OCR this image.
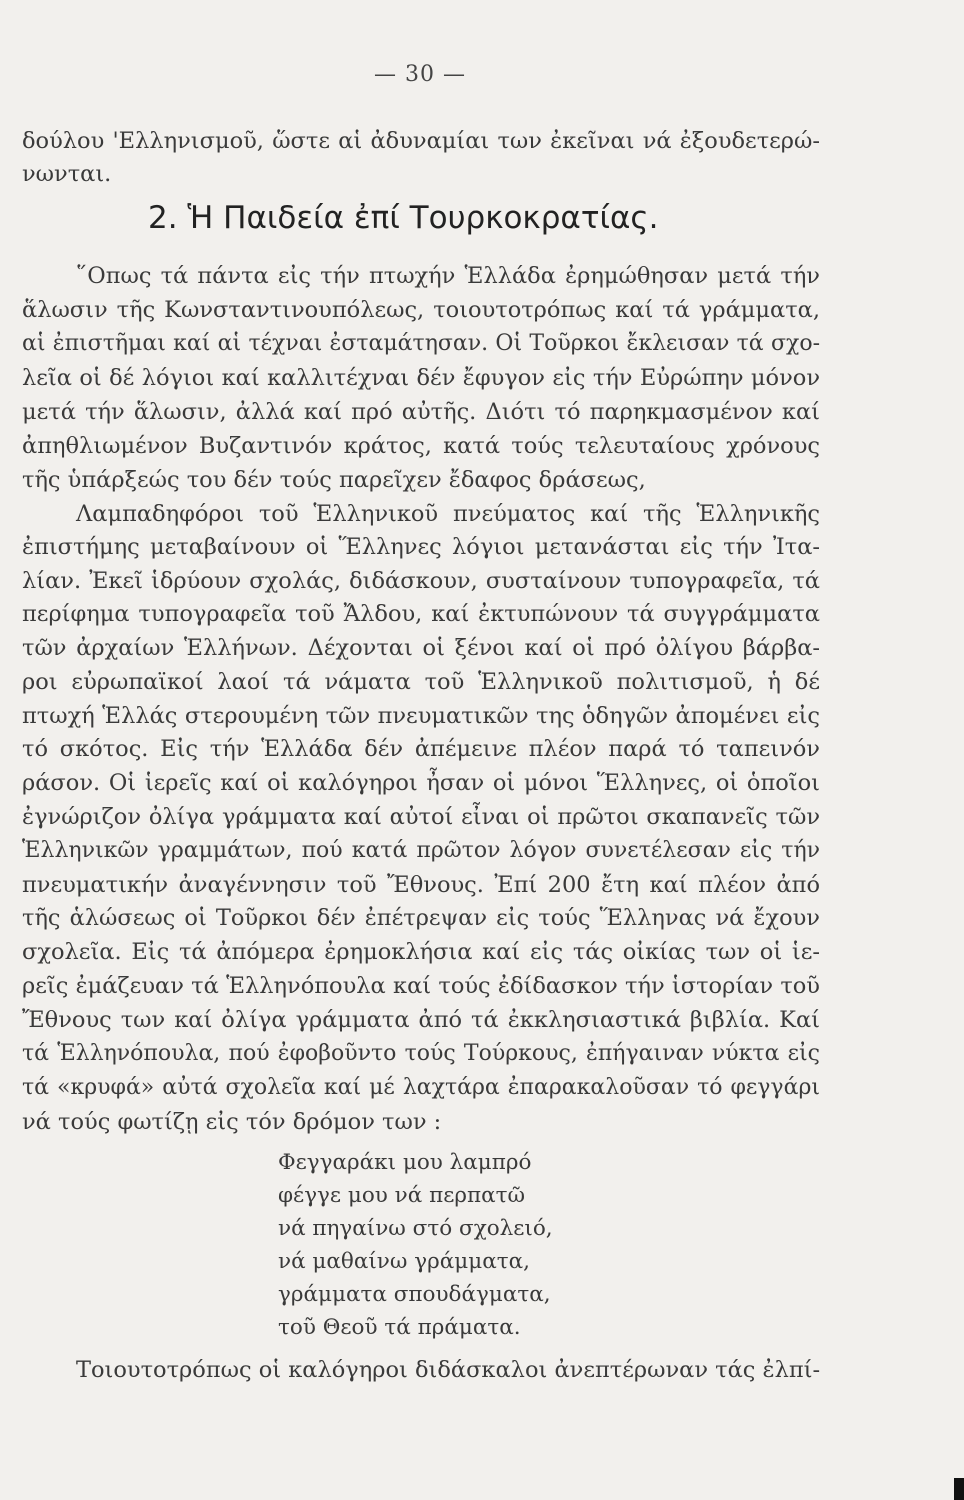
— 30 —
δούλου 'Ελληνισμοῦ, ὥστε αἱ ἀδυναμίαι των ἐκεῖναι νά ἐξουδετερώ-
νωνται.
2. Ἡ Παιδεία ἐπί Τουρκοκρατίας.
῞Οπως τά πάντα εἰς τήν πτωχήν Ἑλλάδα ἐρημώθησαν μετά τήν
ἅλωσιν τῆς Κωνσταντινουπόλεως, τοιουτοτρόπως καί τά γράμματα,
αἱ ἐπιστῆμαι καί αἱ τέχναι ἐσταμάτησαν. Οἱ Τοῦρκοι ἔκλεισαν τά σχο-
λεῖα οἱ δέ λόγιοι καί καλλιτέχναι δέν ἔφυγον εἰς τήν Εὐρώπην μόνον
μετά τήν ἅλωσιν, ἀλλά καί πρό αὐτῆς. Διότι τό παρηκμασμένον καί
ἀπηθλιωμένον Βυζαντινόν κράτος, κατά τούς τελευταίους χρόνους
τῆς ὑπάρξεώς του δέν τούς παρεῖχεν ἔδαφος δράσεως,
Λαμπαδηφόροι τοῦ Ἑλληνικοῦ πνεύματος καί τῆς Ἑλληνικῆς
ἐπιστήμης μεταβαίνουν οἱ Ἕλληνες λόγιοι μετανάσται εἰς τήν Ἰτα-
λίαν. Ἐκεῖ ἱδρύουν σχολάς, διδάσκουν, συσταίνουν τυπογραφεῖα, τά
περίφημα τυπογραφεῖα τοῦ Ἄλδου, καί ἐκτυπώνουν τά συγγράμματα
τῶν ἀρχαίων Ἑλλήνων. Δέχονται οἱ ξένοι καί οἱ πρό ὀλίγου βάρβα-
ροι εὐρωπαϊκοί λαοί τά νάματα τοῦ Ἑλληνικοῦ πολιτισμοῦ, ἡ δέ
πτωχή Ἑλλάς στερουμένη τῶν πνευματικῶν της ὁδηγῶν ἀπομένει εἰς
τό σκότος. Εἰς τήν Ἑλλάδα δέν ἀπέμεινε πλέον παρά τό ταπεινόν
ράσον. Οἱ ἱερεῖς καί οἱ καλόγηροι ἦσαν οἱ μόνοι Ἕλληνες, οἱ ὁποῖοι
ἐγνώριζον ὀλίγα γράμματα καί αὐτοί εἶναι οἱ πρῶτοι σκαπανεῖς τῶν
Ἑλληνικῶν γραμμάτων, πού κατά πρῶτον λόγον συνετέλεσαν εἰς τήν
πνευματικήν ἀναγέννησιν τοῦ Ἔθνους. Ἐπί 200 ἔτη καί πλέον ἀπό
τῆς ἁλώσεως οἱ Τοῦρκοι δέν ἐπέτρεψαν εἰς τούς Ἕλληνας νά ἔχουν
σχολεῖα. Εἰς τά ἀπόμερα ἐρημοκλήσια καί εἰς τάς οἰκίας των οἱ ἱε-
ρεῖς ἐμάζευαν τά Ἑλληνόπουλα καί τούς ἐδίδασκον τήν ἱστορίαν τοῦ
Ἔθνους των καί ὀλίγα γράμματα ἀπό τά ἐκκλησιαστικά βιβλία. Καί
τά Ἑλληνόπουλα, πού ἐφοβοῦντο τούς Τούρκους, ἐπήγαιναν νύκτα εἰς
τά «κρυφά» αὐτά σχολεῖα καί μέ λαχτάρα ἐπαρακαλοῦσαν τό φεγγάρι
νά τούς φωτίζῃ εἰς τόν δρόμον των :
Φεγγαράκι μου λαμπρό
φέγγε μου νά περπατῶ
νά πηγαίνω στό σχολειό,
νά μαθαίνω γράμματα,
γράμματα σπουδάγματα,
τοῦ Θεοῦ τά πράματα.
Τοιουτοτρόπως οἱ καλόγηροι διδάσκαλοι ἀνεπτέρωναν τάς ἐλπί-
